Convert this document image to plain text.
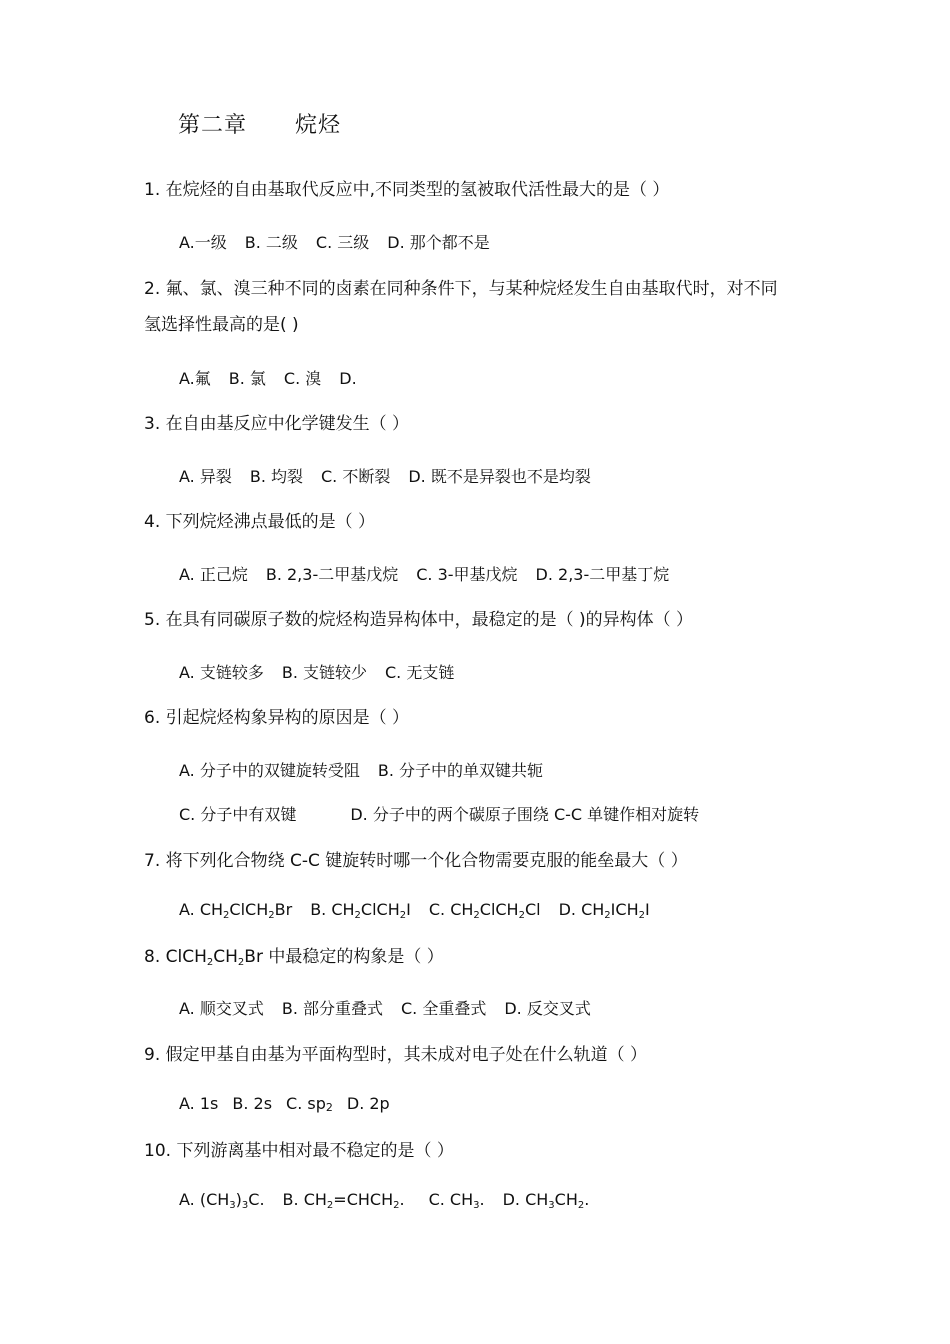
第二章 烷烃
1. 在烷烃的自由基取代反应中,不同类型的氢被取代活性最大的是（ ）
A.一级 B. 二级 C. 三级 D. 那个都不是
2. 氟、氯、溴三种不同的卤素在同种条件下，与某种烷烃发生自由基取代时，对不同
氢选择性最高的是( )
A.氟 B. 氯 C. 溴 D.
3. 在自由基反应中化学键发生（ ）
A. 异裂 B. 均裂 C. 不断裂 D. 既不是异裂也不是均裂
4. 下列烷烃沸点最低的是（ ）
A. 正己烷 B. 2,3-二甲基戊烷 C. 3-甲基戊烷 D. 2,3-二甲基丁烷
5. 在具有同碳原子数的烷烃构造异构体中，最稳定的是（ )的异构体（ ）
A. 支链较多 B. 支链较少 C. 无支链
6. 引起烷烃构象异构的原因是（ ）
A. 分子中的双键旋转受阻 B. 分子中的单双键共轭
C. 分子中有双键	D. 分子中的两个碳原子围绕 C-C 单键作相对旋转
7. 将下列化合物绕 C-C 键旋转时哪一个化合物需要克服的能垒最大（ ）
A. $CH_2ClCH_2Br$ B. $CH_2ClCH_2I$ C. $CH_2ClCH_2Cl$ D. $CH_2ICH_2I$
8. $ClCH_2CH_2Br$ 中最稳定的构象是（ ）
A. 顺交叉式 B. 部分重叠式 C. 全重叠式 D. 反交叉式
9. 假定甲基自由基为平面构型时，其未成对电子处在什么轨道（ ）
A. 1s B. 2s C. sp2 D. 2p
10. 下列游离基中相对最不稳定的是（ ）
A. $(CH_3)_3C$. B. $CH_2=CHCH_2$. C. $CH_3$. D. $CH_3CH_2$.
